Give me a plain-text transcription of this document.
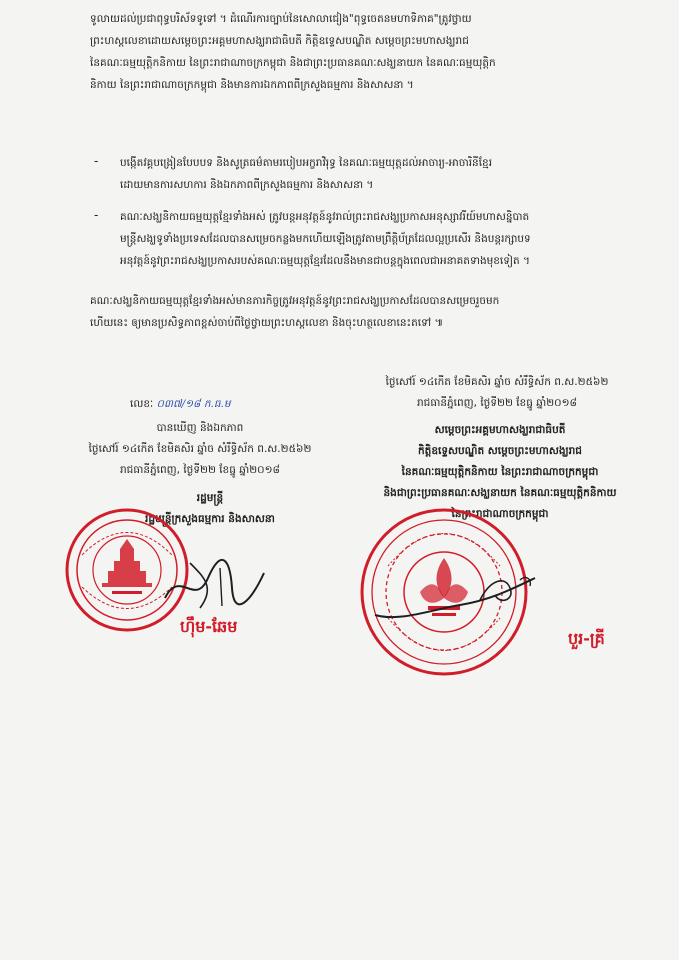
ទូលាយដល់ប្រជាពុទ្ធបរិស័ទទូទៅ ។ ដំណើរការច្បាប់នៃសោលាជៀង"ពុទ្ធចេតនមហាទិភាគ"ត្រូវថ្វាយ
ព្រះហស្តលេខាដោយសម្តេចព្រះអគ្គមហាសង្ឃរាជាធិបតី កិត្តិឧទ្ទេសបណ្ឌិត សម្តេចព្រះមហាសង្ឃរាជ
នៃគណៈធម្មយុត្តិកនិកាយ នៃព្រះរាជាណាចក្រកម្ពុជា និងជាព្រះប្រធានគណៈសង្ឃនាយក នៃគណៈធម្មយុត្តិក
និកាយ នៃព្រះរាជាណាចក្រកម្ពុជា និងមានការឯកភាពពីក្រសួងធម្មការ និងសាសនា ។
- បង្កើតវគ្គបង្រៀនបែបបទ និងសូត្រធម៌តាមរបៀបអក្ខរាវិរុទ្ធ នៃគណៈធម្មយុត្តដល់អាចារ្យ-អាចារិនីខ្មែរ
ដោយមានការសហការ និងឯកភាពពីក្រសួងធម្មការ និងសាសនា ។
- គណៈសង្ឃនិកាយធម្មយុត្តខ្មែរទាំងអស់ ត្រូវបន្តអនុវត្តន៍នូវរាល់ព្រះរាជសង្ឃប្រកាសអនុស្សាវរីយ៍មហាសន្និបាត
មន្ត្រីសង្ឃទូទាំងប្រទេសដែលបានសម្រេចកន្លងមកហើយឡើងត្រូវតាមព្រឹត្តិប័ត្រដែលល្អប្រសើរ និងបន្តរក្សាបទ
អនុវត្តន៍នូវព្រះរាជសង្ឃប្រកាសរបស់គណៈធម្មយុត្តខ្មែរដែលនឹងមានជាបន្តក្នុងពេលជាអនាគតទាងមុខទៀត ។
គណៈសង្ឃនិកាយធម្មយុត្តខ្មែរទាំងអស់មានភារកិច្ចត្រូវអនុវត្តន៍នូវព្រះរាជសង្ឃប្រកាសដែលបានសម្រេចរួចមក
ហើយនេះ ឲ្យមានប្រសិទ្ធភាពខ្ពស់ចាប់ពីថ្ងៃថ្វាយព្រះហស្តលេខា និងចុះហត្ថលេខានេះតទៅ ៕
ថ្ងៃសៅរ៍ ១៤កើត ខែមិគសិរ ឆ្នាំច សំរឹទ្ធិស័ក ព.ស.២៥៦២
រាជធានីភ្នំពេញ, ថ្ងៃទី២២ ខែធ្នូ ឆ្នាំ២០១៨
សម្តេចព្រះអគ្គមហាសង្ឃរាជាធិបតី
កិត្តិឧទ្ទេសបណ្ឌិត សម្តេចព្រះមហាសង្ឃរាជ
នៃគណៈធម្មយុត្តិកនិកាយ នៃព្រះរាជាណាចក្រកម្ពុជា
និងជាព្រះប្រធានគណៈសង្ឃនាយក នៃគណៈធម្មយុត្តិកនិកាយ
នៃព្រះរាជាណាចក្រកម្ពុជា
លេខៈ ០៣៧/១៨ ក.ធ.ម
បានឃើញ និងឯកភាព
ថ្ងៃសៅរ៍ ១៤កើត ខែមិគសិរ ឆ្នាំច សំរឹទ្ធិស័ក ព.ស.២៥៦២
រាជធានីភ្នំពេញ, ថ្ងៃទី២២ ខែធ្នូ ឆ្នាំ២០១៨
រដ្ឋមន្ត្រី
រដ្ឋមន្ត្រីក្រសួងធម្មការ និងសាសនា
ហ៊ឹម-ឆែម
បួរ-គ្រី
